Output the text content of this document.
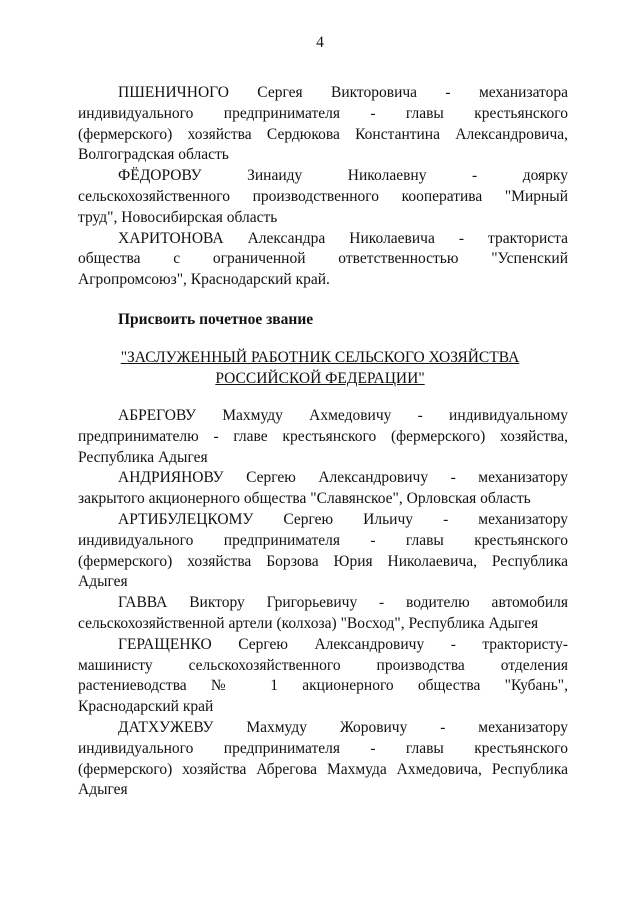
4
ПШЕНИЧНОГО Сергея Викторовича - механизатора
индивидуального предпринимателя - главы крестьянского
(фермерского) хозяйства Сердюкова Константина Александровича,
Волгоградская область
ФЁДОРОВУ Зинаиду Николаевну - доярку
сельскохозяйственного производственного кооператива "Мирный
труд", Новосибирская область
ХАРИТОНОВА Александра Николаевича - тракториста
общества с ограниченной ответственностью "Успенский
Агропромсоюз", Краснодарский край.
Присвоить почетное звание
"ЗАСЛУЖЕННЫЙ РАБОТНИК СЕЛЬСКОГО ХОЗЯЙСТВА
РОССИЙСКОЙ ФЕДЕРАЦИИ"
АБРЕГОВУ Махмуду Ахмедовичу - индивидуальному
предпринимателю - главе крестьянского (фермерского) хозяйства,
Республика Адыгея
АНДРИЯНОВУ Сергею Александровичу - механизатору
закрытого акционерного общества "Славянское", Орловская область
АРТИБУЛЕЦКОМУ Сергею Ильичу - механизатору
индивидуального предпринимателя - главы крестьянского
(фермерского) хозяйства Борзова Юрия Николаевича, Республика
Адыгея
ГАВВА Виктору Григорьевичу - водителю автомобиля
сельскохозяйственной артели (колхоза) "Восход", Республика Адыгея
ГЕРАЩЕНКО Сергею Александровичу - трактористу-
машинисту сельскохозяйственного производства отделения
растениеводства № 1 акционерного общества "Кубань",
Краснодарский край
ДАТХУЖЕВУ Махмуду Жоровичу - механизатору
индивидуального предпринимателя - главы крестьянского
(фермерского) хозяйства Абрегова Махмуда Ахмедовича, Республика
Адыгея
